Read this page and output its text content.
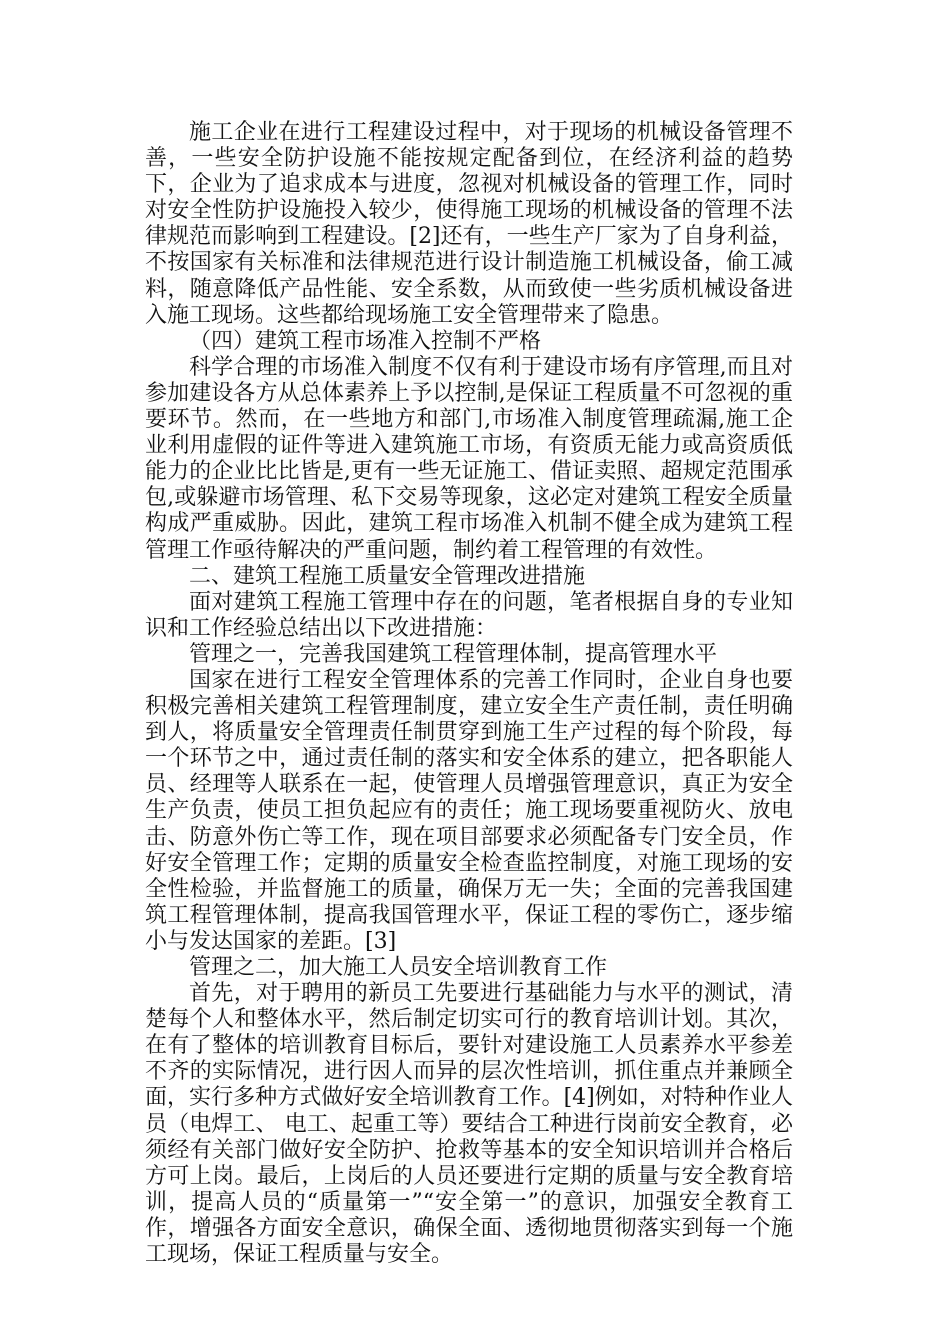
施工企业在进行工程建设过程中，对于现场的机械设备管理不善，一些安全防护设施不能按规定配备到位，在经济利益的趋势下，企业为了追求成本与进度，忽视对机械设备的管理工作，同时对安全性防护设施投入较少，使得施工现场的机械设备的管理不法律规范而影响到工程建设。[2]还有，一些生产厂家为了自身利益，不按国家有关标准和法律规范进行设计制造施工机械设备，偷工减料，随意降低产品性能、安全系数，从而致使一些劣质机械设备进入施工现场。这些都给现场施工安全管理带来了隐患。

（四）建筑工程市场准入控制不严格

科学合理的市场准入制度不仅有利于建设市场有序管理,而且对参加建设各方从总体素养上予以控制,是保证工程质量不可忽视的重要环节。然而，在一些地方和部门,市场准入制度管理疏漏,施工企业利用虚假的证件等进入建筑施工市场，有资质无能力或高资质低能力的企业比比皆是,更有一些无证施工、借证卖照、超规定范围承包,或躲避市场管理、私下交易等现象，这必定对建筑工程安全质量构成严重威胁。因此，建筑工程市场准入机制不健全成为建筑工程管理工作亟待解决的严重问题，制约着工程管理的有效性。

二、建筑工程施工质量安全管理改进措施

面对建筑工程施工管理中存在的问题，笔者根据自身的专业知识和工作经验总结出以下改进措施：

管理之一，完善我国建筑工程管理体制，提高管理水平

国家在进行工程安全管理体系的完善工作同时，企业自身也要积极完善相关建筑工程管理制度，建立安全生产责任制，责任明确到人，将质量安全管理责任制贯穿到施工生产过程的每个阶段，每一个环节之中，通过责任制的落实和安全体系的建立，把各职能人员、经理等人联系在一起，使管理人员增强管理意识，真正为安全生产负责，使员工担负起应有的责任；施工现场要重视防火、放电击、防意外伤亡等工作，现在项目部要求必须配备专门安全员，作好安全管理工作；定期的质量安全检查监控制度，对施工现场的安全性检验，并监督施工的质量，确保万无一失；全面的完善我国建筑工程管理体制，提高我国管理水平，保证工程的零伤亡，逐步缩小与发达国家的差距。[3]

管理之二，加大施工人员安全培训教育工作

首先，对于聘用的新员工先要进行基础能力与水平的测试，清楚每个人和整体水平，然后制定切实可行的教育培训计划。其次，在有了整体的培训教育目标后，要针对建设施工人员素养水平参差不齐的实际情况，进行因人而异的层次性培训，抓住重点并兼顾全面，实行多种方式做好安全培训教育工作。[4]例如，对特种作业人员（电焊工、 电工、起重工等）要结合工种进行岗前安全教育，必须经有关部门做好安全防护、抢救等基本的安全知识培训并合格后方可上岗。最后，上岗后的人员还要进行定期的质量与安全教育培训，提高人员的“质量第一”“安全第一”的意识，加强安全教育工作，增强各方面安全意识，确保全面、透彻地贯彻落实到每一个施工现场，保证工程质量与安全。
